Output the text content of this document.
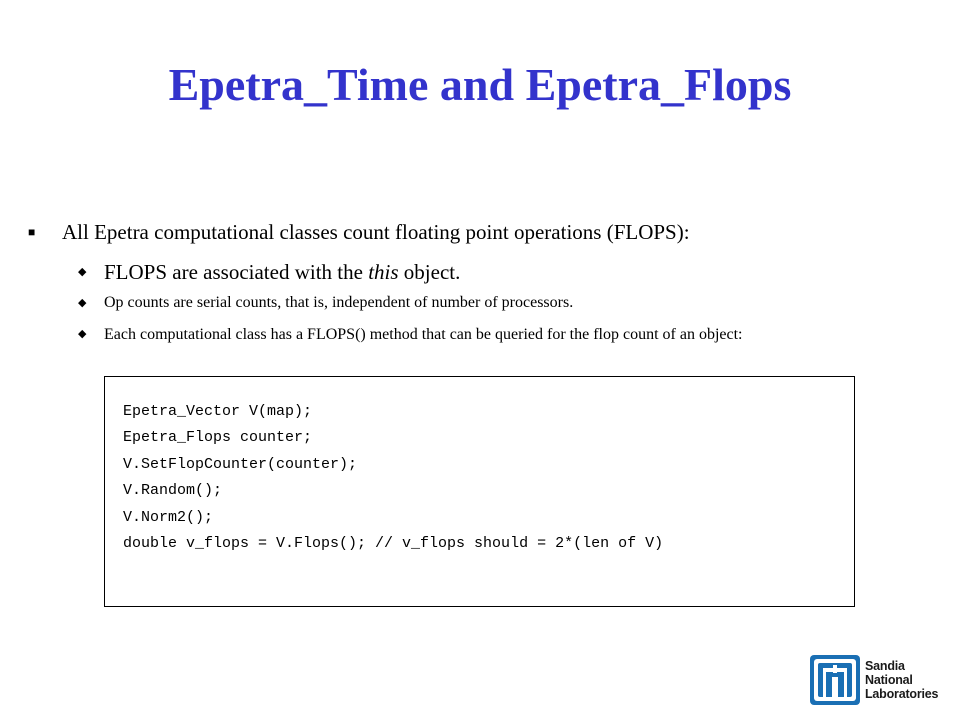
Epetra_Time and Epetra_Flops
■	All Epetra computational classes count floating point operations (FLOPS):
◆ FLOPS are associated with the this object.
◆	Op counts are serial counts, that is, independent of number of processors.
◆	Each computational class has a FLOPS() method that can be queried for the flop count of an object:
Epetra_Vector V(map);
Epetra_Flops counter;
V.SetFlopCounter(counter);
V.Random();
V.Norm2();
double v_flops = V.Flops(); // v_flops should = 2*(len of V)
Sandia
National
Laboratories
